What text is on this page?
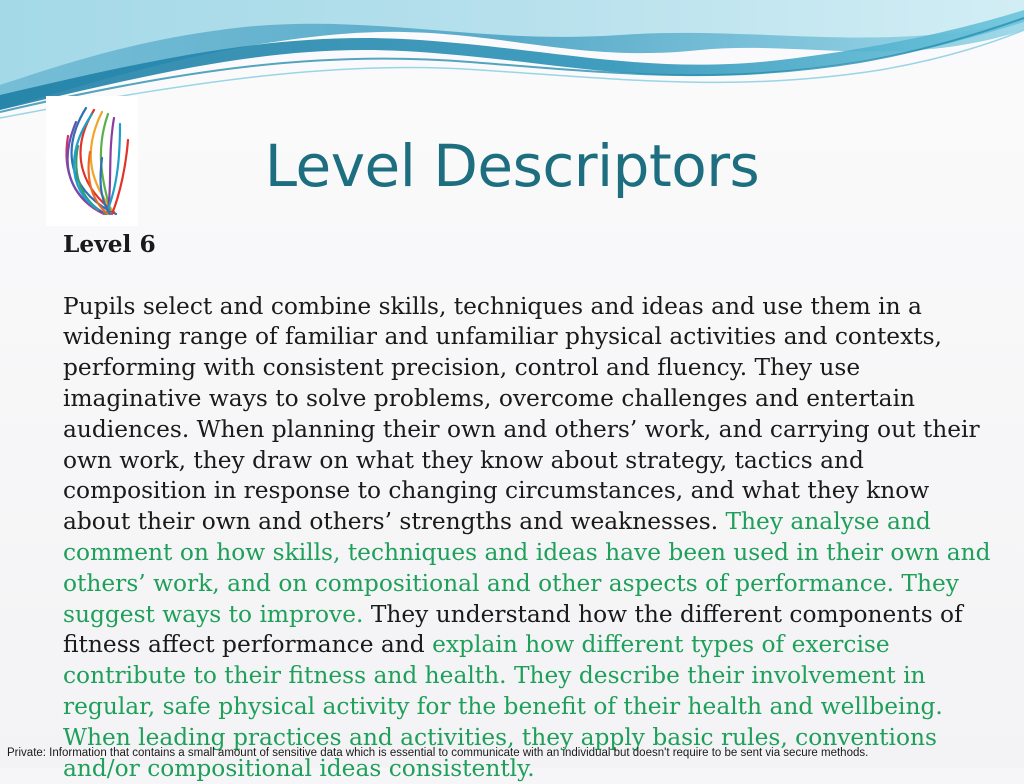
Level Descriptors

Level 6

Pupils select and combine skills, techniques and ideas and use them in a widening range of familiar and unfamiliar physical activities and contexts, performing with consistent precision, control and fluency. They use imaginative ways to solve problems, overcome challenges and entertain audiences. When planning their own and others’ work, and carrying out their own work, they draw on what they know about strategy, tactics and composition in response to changing circumstances, and what they know about their own and others’ strengths and weaknesses. They analyse and comment on how skills, techniques and ideas have been used in their own and others’ work, and on compositional and other aspects of performance. They suggest ways to improve. They understand how the different components of fitness affect performance and explain how different types of exercise contribute to their fitness and health. They describe their involvement in regular, safe physical activity for the benefit of their health and wellbeing. When leading practices and activities, they apply basic rules, conventions and/or compositional ideas consistently.

Private: Information that contains a small amount of sensitive data which is essential to communicate with an individual but doesn't require to be sent via secure methods.
